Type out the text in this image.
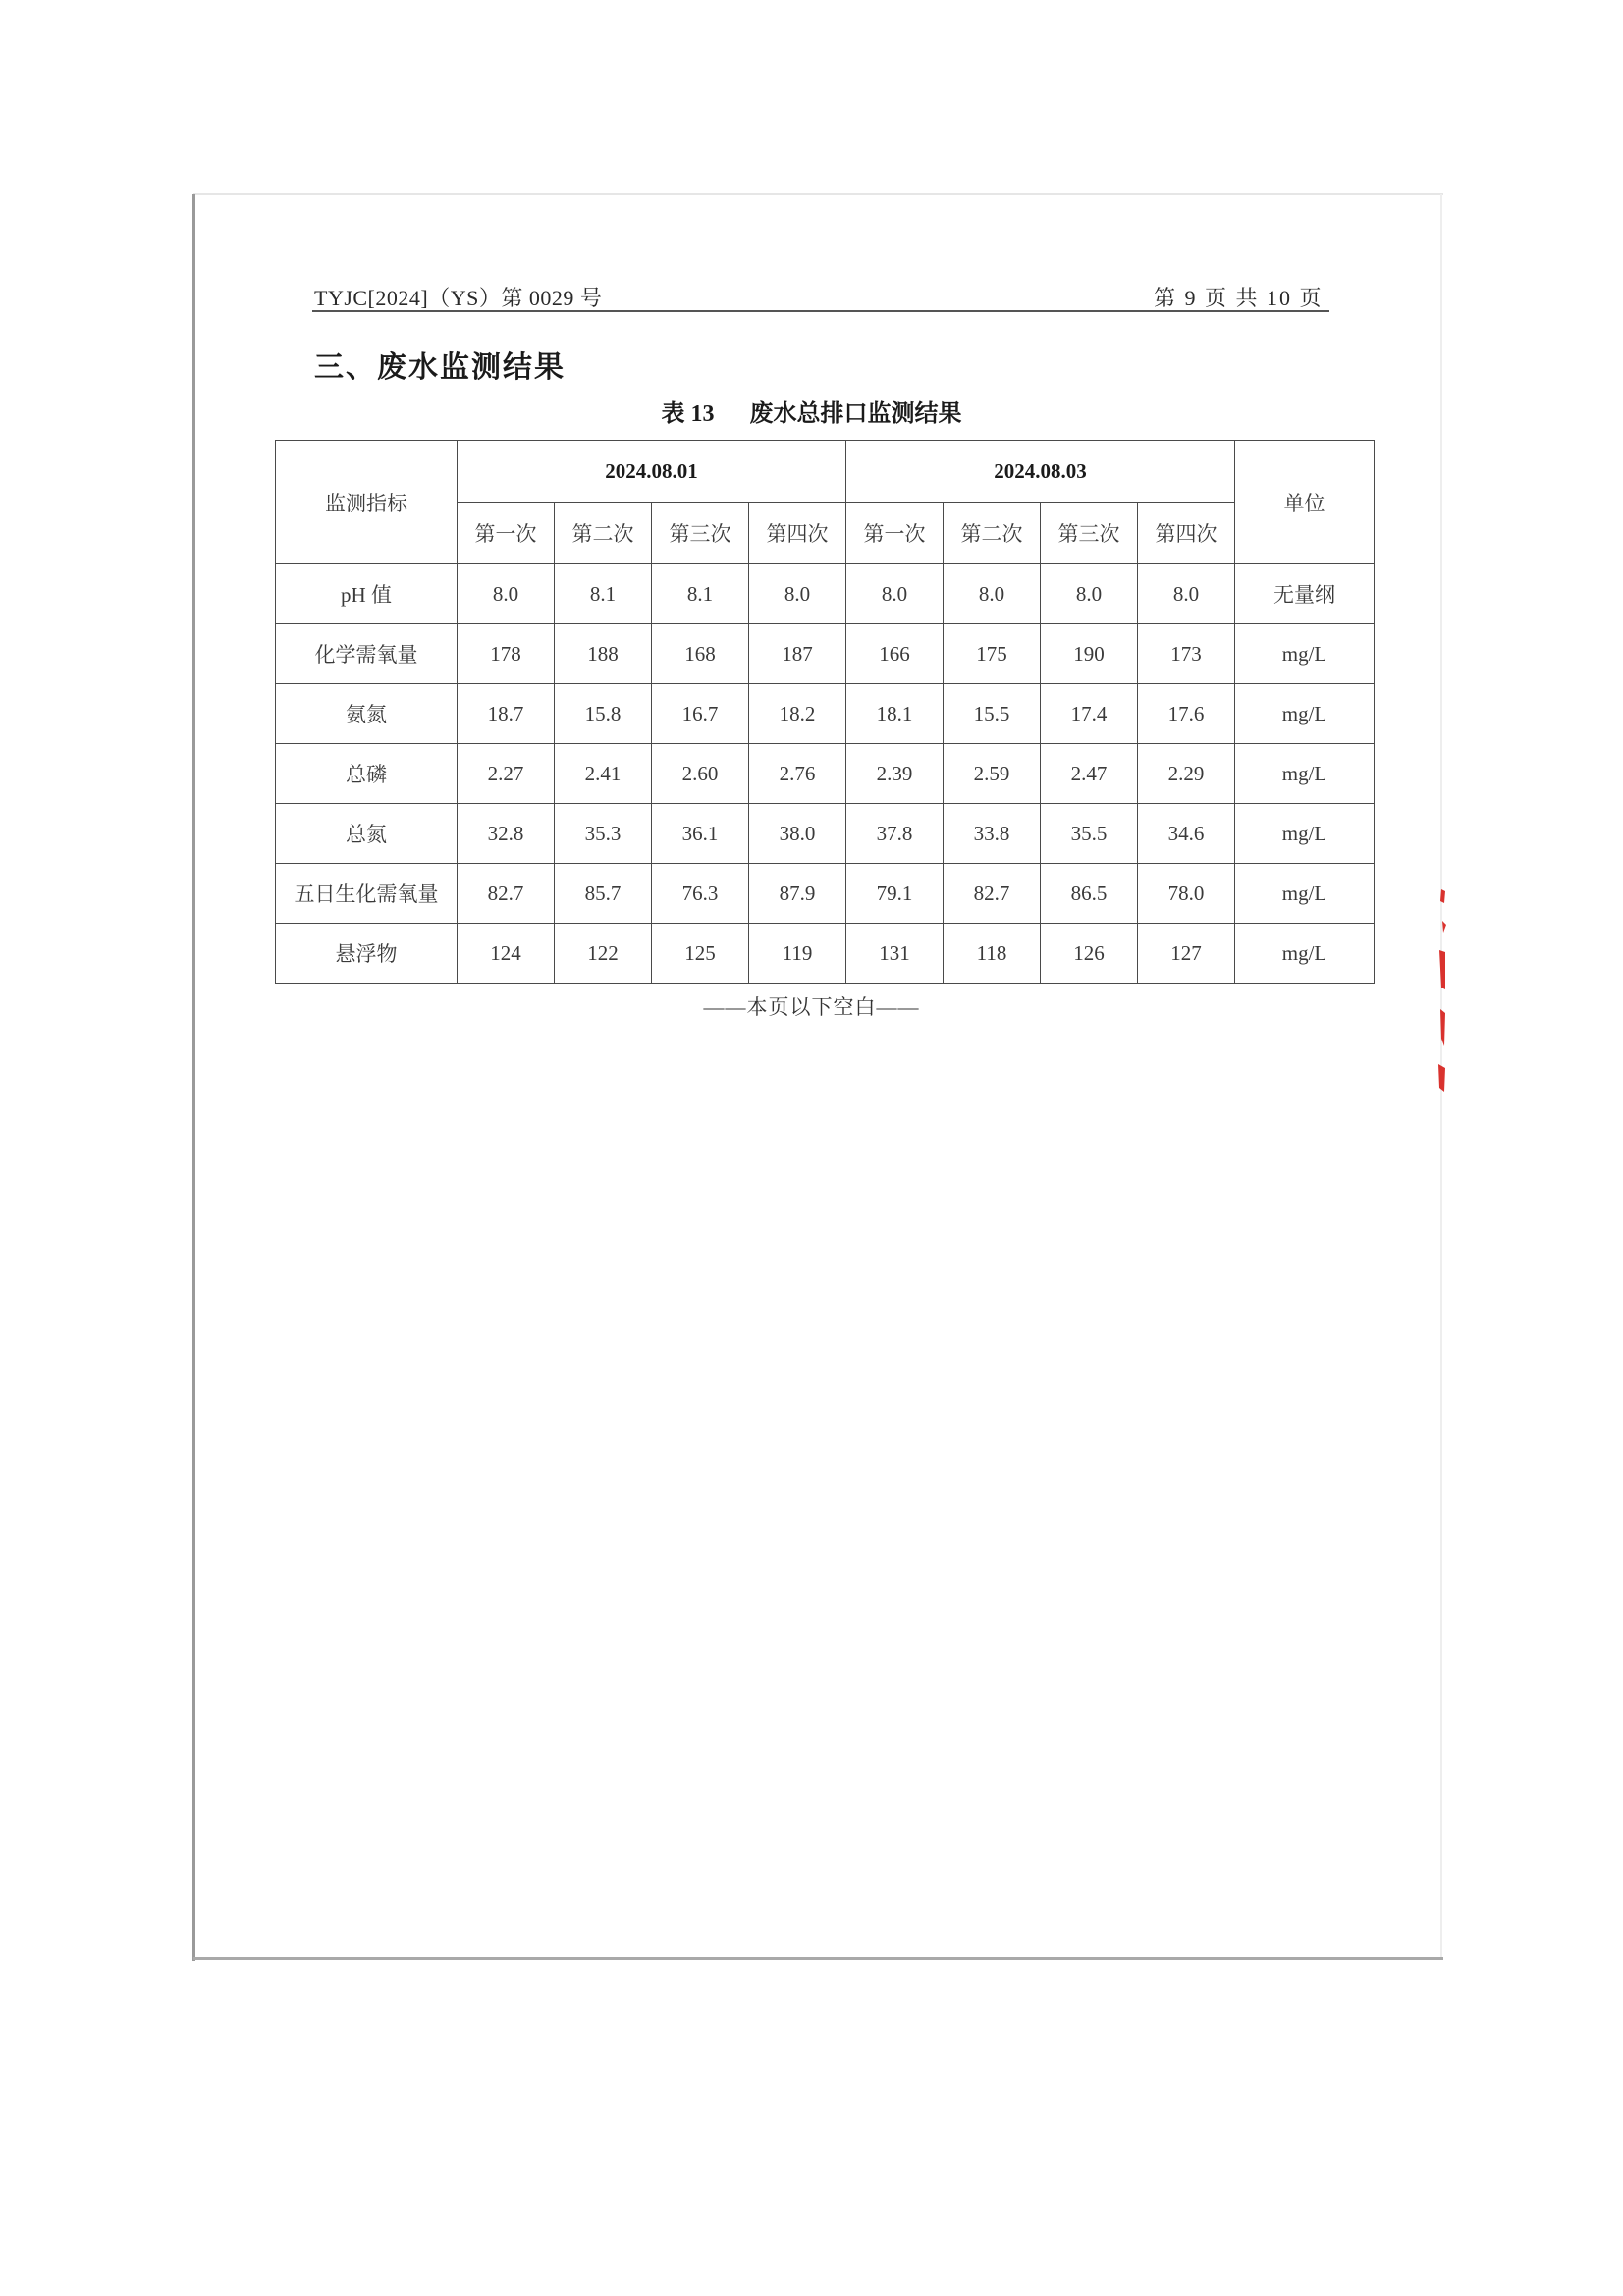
TYJC[2024]（YS）第 0029 号	第 9 页 共 10 页
三、废水监测结果
表 13 废水总排口监测结果
监测指标	2024.08.01				2024.08.03				单位
	第一次	第二次	第三次	第四次	第一次	第二次	第三次	第四次	
pH 值	8.0	8.1	8.1	8.0	8.0	8.0	8.0	8.0	无量纲
化学需氧量	178	188	168	187	166	175	190	173	mg/L
氨氮	18.7	15.8	16.7	18.2	18.1	15.5	17.4	17.6	mg/L
总磷	2.27	2.41	2.60	2.76	2.39	2.59	2.47	2.29	mg/L
总氮	32.8	35.3	36.1	38.0	37.8	33.8	35.5	34.6	mg/L
五日生化需氧量	82.7	85.7	76.3	87.9	79.1	82.7	86.5	78.0	mg/L
悬浮物	124	122	125	119	131	118	126	127	mg/L
——本页以下空白——
